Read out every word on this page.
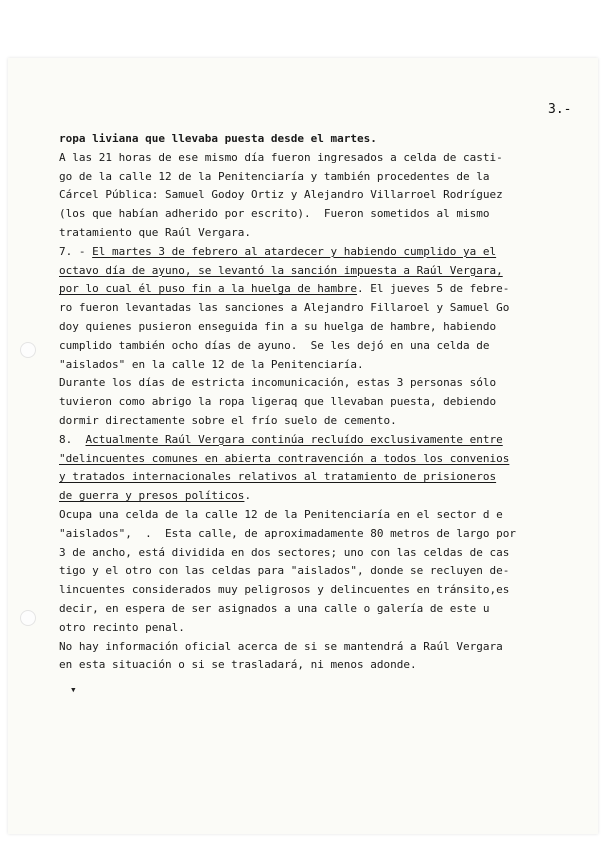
3.-
ropa liviana que llevaba puesta desde el martes.
A las 21 horas de ese mismo día fueron ingresados a celda de casti-
go de la calle 12 de la Penitenciaría y también procedentes de la
Cárcel Pública: Samuel Godoy Ortiz y Alejandro Villarroel Rodríguez
(los que habían adherido por escrito).  Fueron sometidos al mismo
tratamiento que Raúl Vergara.
7. - El martes 3 de febrero al atardecer y habiendo cumplido ya el
octavo día de ayuno, se levantó la sanción impuesta a Raúl Vergara,
por lo cual él puso fin a la huelga de hambre. El jueves 5 de febre-
ro fueron levantadas las sanciones a Alejandro Fillaroel y Samuel Go
doy quienes pusieron enseguida fin a su huelga de hambre, habiendo
cumplido también ocho días de ayuno.  Se les dejó en una celda de
"aislados" en la calle 12 de la Penitenciaría.
Durante los días de estricta incomunicación, estas 3 personas sólo
tuvieron como abrigo la ropa ligeraq que llevaban puesta, debiendo
dormir directamente sobre el frío suelo de cemento.
8.  Actualmente Raúl Vergara continúa recluído exclusivamente entre
"delincuentes comunes en abierta contravención a todos los convenios
y tratados internacionales relativos al tratamiento de prisioneros
de guerra y presos políticos.
Ocupa una celda de la calle 12 de la Penitenciaría en el sector d e
"aislados",  .  Esta calle, de aproximadamente 80 metros de largo por
3 de ancho, está dividida en dos sectores; uno con las celdas de cas
tigo y el otro con las celdas para "aislados", donde se recluyen de-
lincuentes considerados muy peligrosos y delincuentes en tránsito,es
decir, en espera de ser asignados a una calle o galería de este u
otro recinto penal.
No hay información oficial acerca de si se mantendrá a Raúl Vergara
en esta situación o si se trasladará, ni menos adonde.
▾
